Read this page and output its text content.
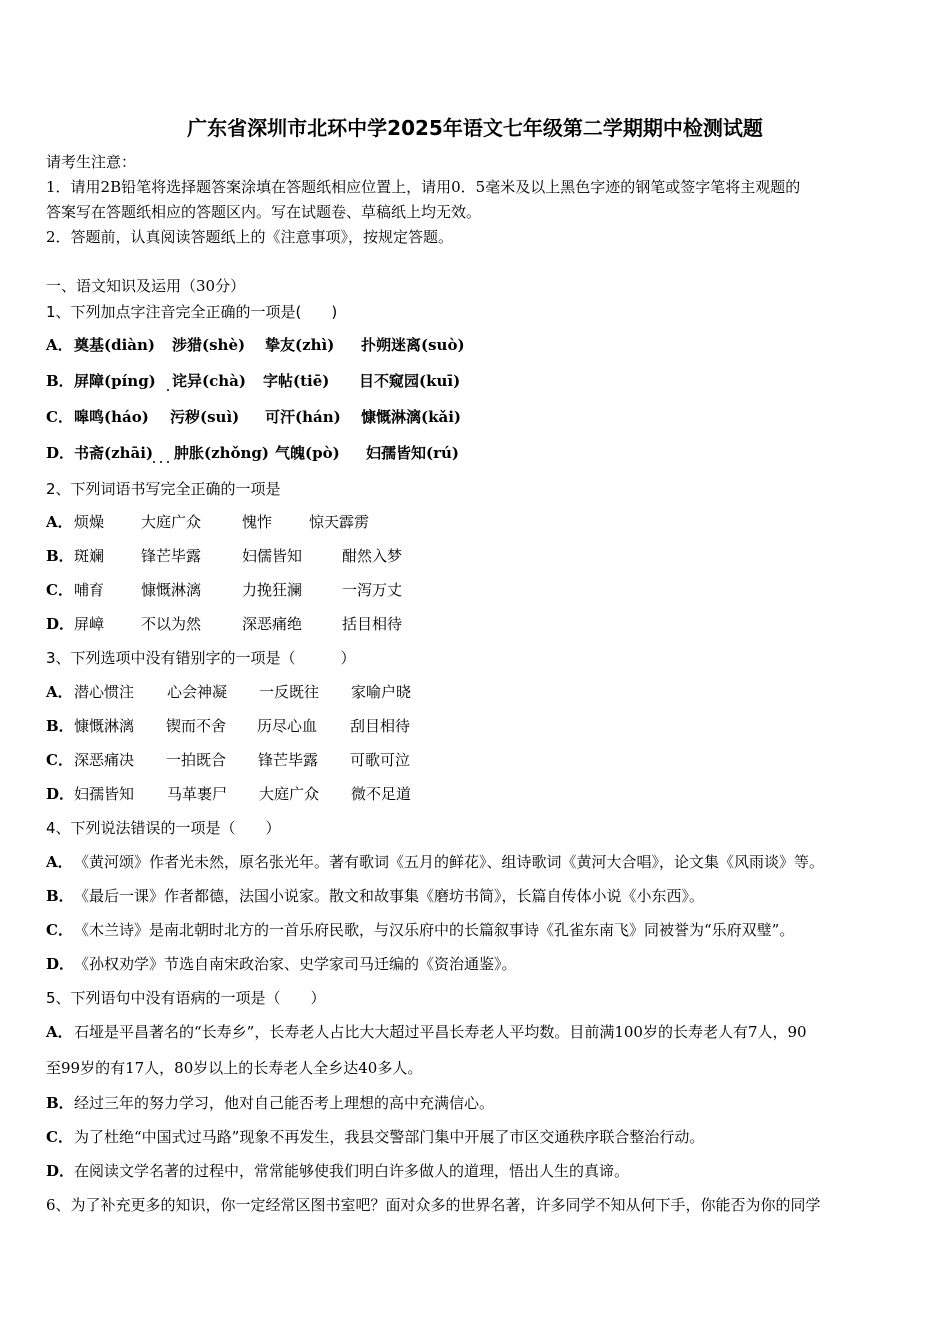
广东省深圳市北环中学2025年语文七年级第二学期期中检测试题
请考生注意：
1．请用2B铅笔将选择题答案涂填在答题纸相应位置上，请用0．5毫米及以上黑色字迹的钢笔或签字笔将主观题的
答案写在答题纸相应的答题区内。写在试题卷、草稿纸上均无效。
2．答题前，认真阅读答题纸上的《注意事项》，按规定答题。
一、语文知识及运用（30分）
1、下列加点字注音完全正确的一项是(　　)
A． 奠基(diàn) 涉猎(shè) 挚友(zhì) 扑朔迷离(suò)
B． 屏障(píng) 诧异(chà) 字帖(tiē) 目不窥园(kuī)
C． 嗥鸣(háo) 污秽(suì) 可汗(hán) 慷慨淋漓(kǎi)
D． 书斋(zhāi) 肿胀(zhǒng) 气魄(pò) 妇孺皆知(rú)
2、下列词语书写完全正确的一项是
A． 烦燥 大庭广众	愧怍 惊天霹雳
B． 斑斓 锋芒毕露	妇儒皆知	酣然入梦
C． 哺育 慷慨淋漓	力挽狂澜	一泻万丈
D． 屏嶂 不以为然	深恶痛绝	括目相待
3、下列选项中没有错别字的一项是（　　　）
A． 潜心惯注 心会神凝 一反既往 家喻户晓
B． 慷慨淋漓 锲而不舍 历尽心血 刮目相待
C． 深恶痛决 一拍既合 锋芒毕露 可歌可泣
D． 妇孺皆知 马革裹尸 大庭广众 微不足道
4、下列说法错误的一项是（　　）
A．《黄河颂》作者光未然，原名张光年。著有歌词《五月的鲜花》、组诗歌词《黄河大合唱》，论文集《风雨谈》等。
B．《最后一课》作者都德，法国小说家。散文和故事集《磨坊书简》，长篇自传体小说《小东西》。
C．《木兰诗》是南北朝时北方的一首乐府民歌，与汉乐府中的长篇叙事诗《孔雀东南飞》同被誉为“乐府双璧”。
D．《孙权劝学》节选自南宋政治家、史学家司马迁编的《资治通鉴》。
5、下列语句中没有语病的一项是（　　）
A．石垭是平昌著名的“长寿乡”，长寿老人占比大大超过平昌长寿老人平均数。目前满100岁的长寿老人有7人，90
至99岁的有17人，80岁以上的长寿老人全乡达40多人。
B．经过三年的努力学习，他对自己能否考上理想的高中充满信心。
C．为了杜绝“中国式过马路”现象不再发生，我县交警部门集中开展了市区交通秩序联合整治行动。
D．在阅读文学名著的过程中，常常能够使我们明白许多做人的道理，悟出人生的真谛。
6、为了补充更多的知识，你一定经常区图书室吧？面对众多的世界名著，许多同学不知从何下手，你能否为你的同学
